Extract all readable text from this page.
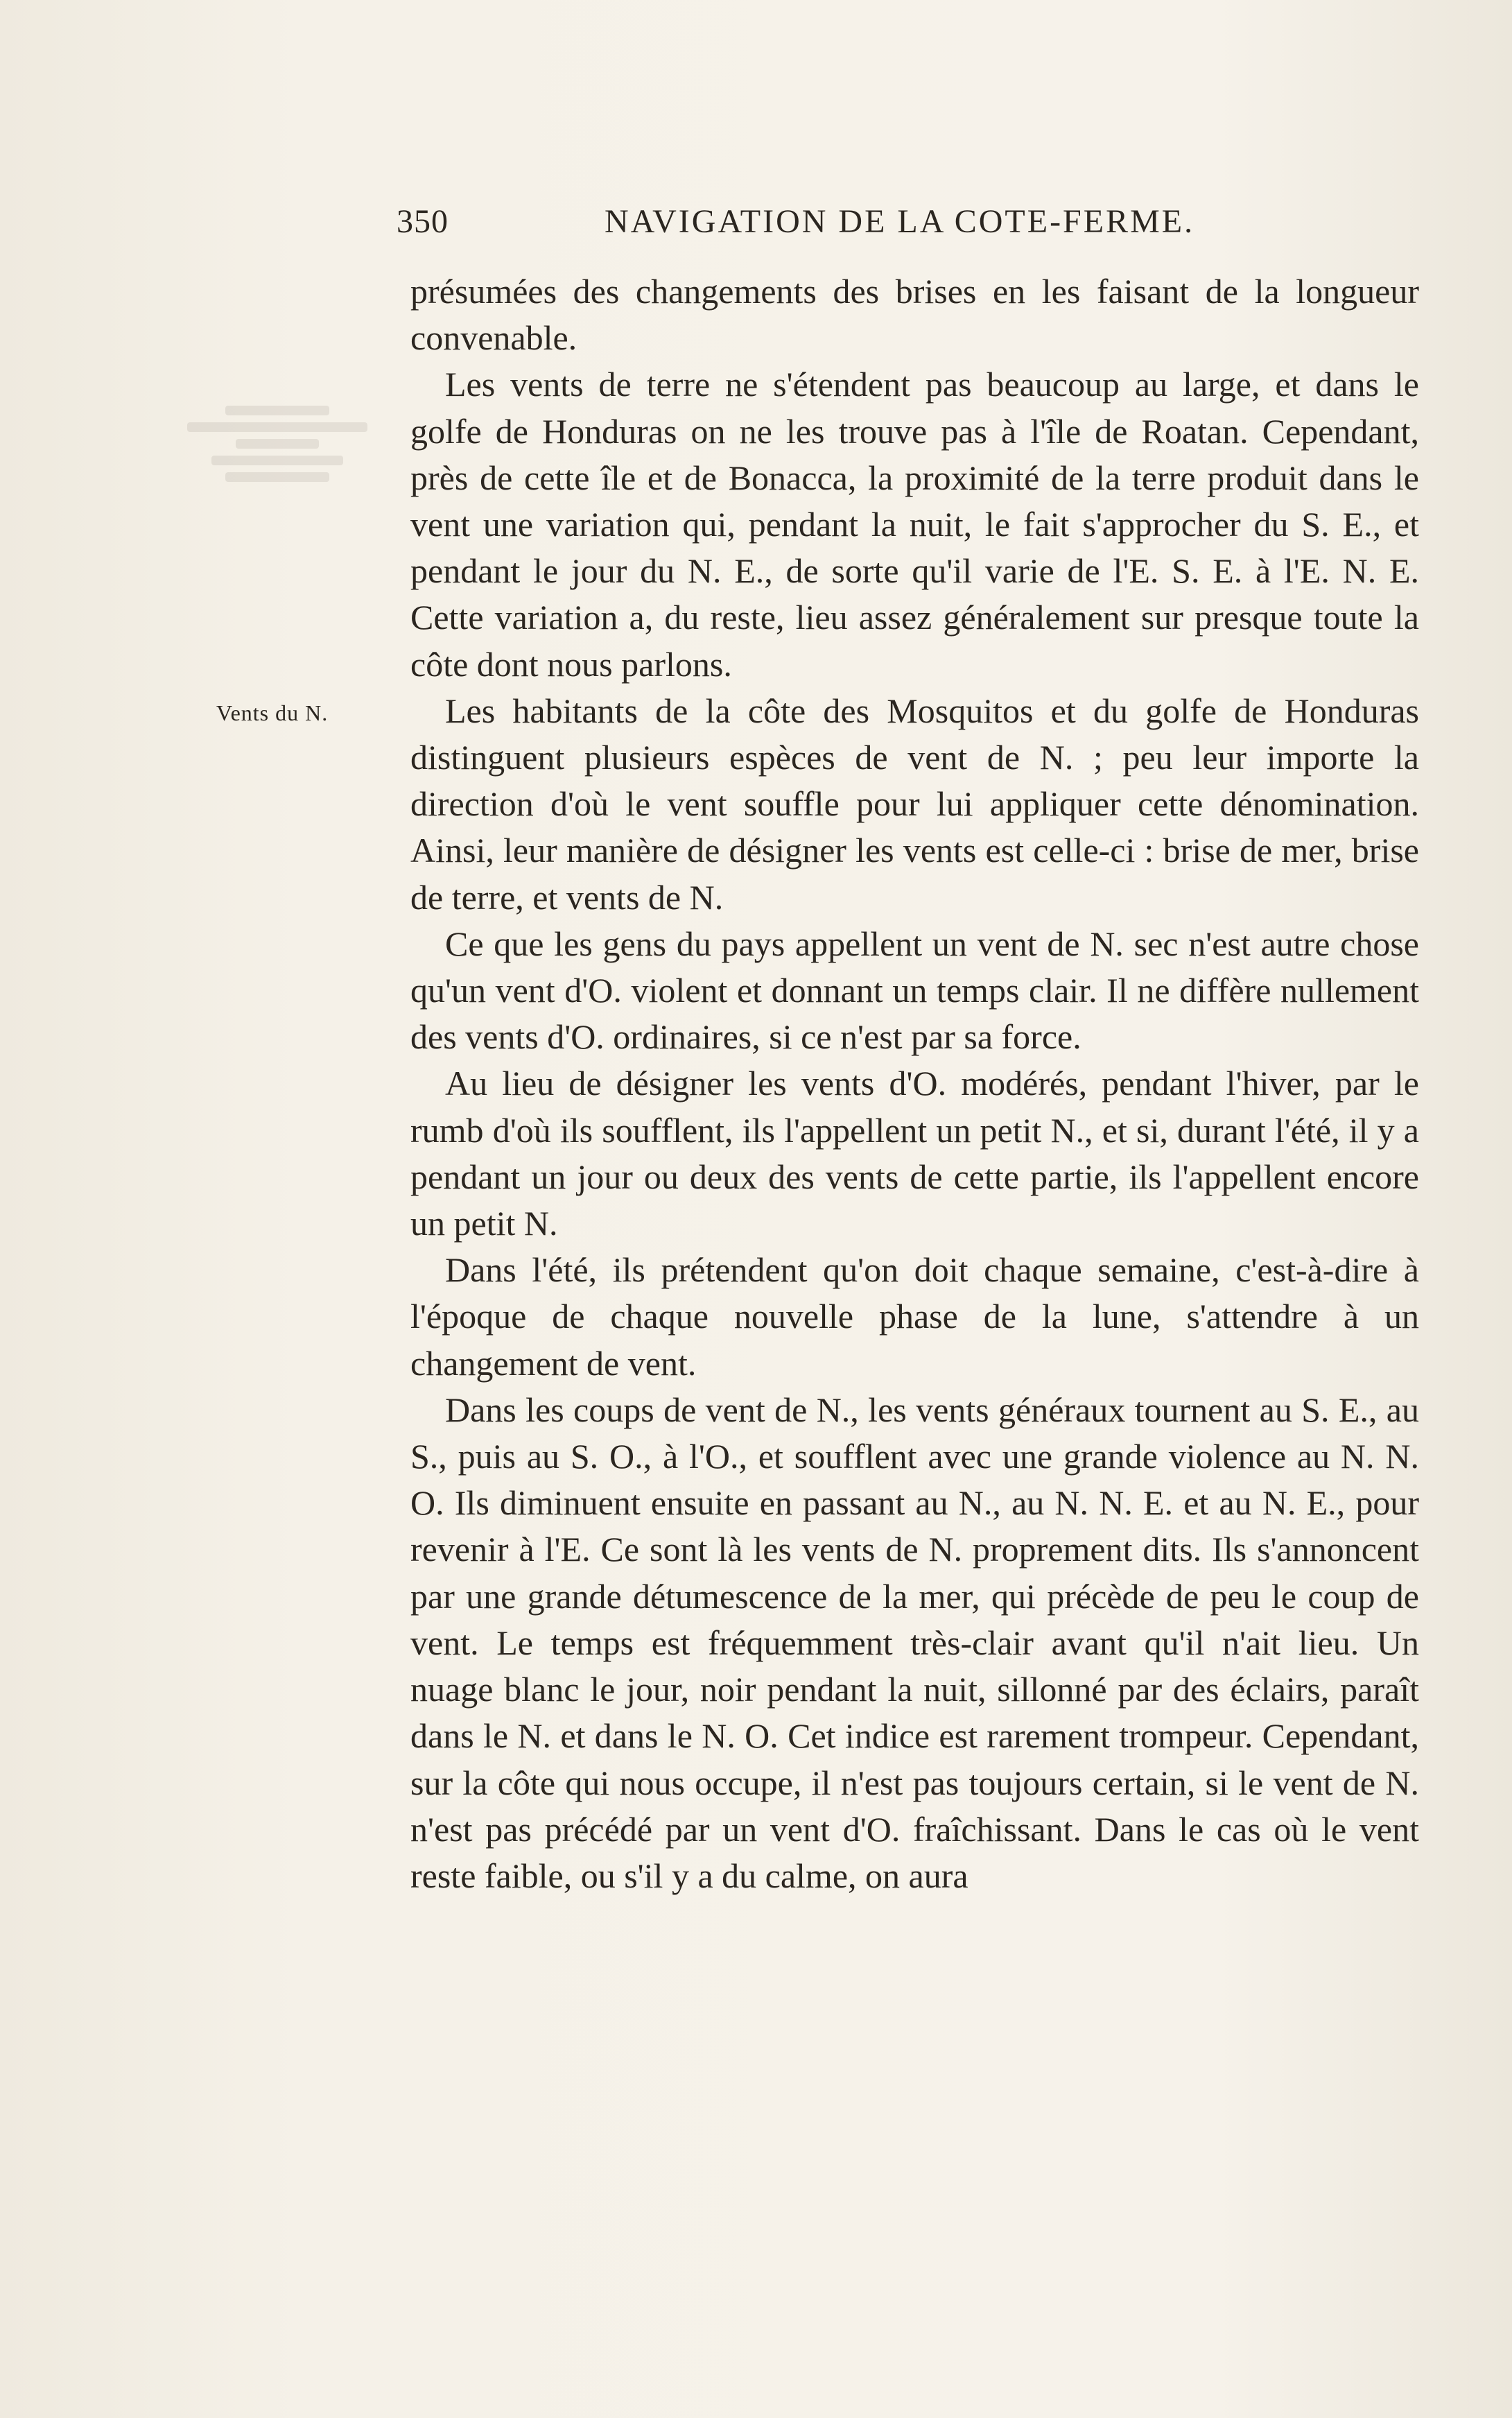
350	NAVIGATION DE LA COTE-FERME.
Vents du N.

présumées des changements des brises en les faisant de la longueur convenable.

Les vents de terre ne s'étendent pas beaucoup au large, et dans le golfe de Honduras on ne les trouve pas à l'île de Roatan. Cependant, près de cette île et de Bonacca, la proximité de la terre produit dans le vent une variation qui, pendant la nuit, le fait s'approcher du S. E., et pendant le jour du N. E., de sorte qu'il varie de l'E. S. E. à l'E. N. E. Cette variation a, du reste, lieu assez généralement sur presque toute la côte dont nous parlons.

Les habitants de la côte des Mosquitos et du golfe de Honduras distinguent plusieurs espèces de vent de N. ; peu leur importe la direction d'où le vent souffle pour lui appliquer cette dénomination. Ainsi, leur manière de désigner les vents est celle-ci : brise de mer, brise de terre, et vents de N.

Ce que les gens du pays appellent un vent de N. sec n'est autre chose qu'un vent d'O. violent et donnant un temps clair. Il ne diffère nullement des vents d'O. ordinaires, si ce n'est par sa force.

Au lieu de désigner les vents d'O. modérés, pendant l'hiver, par le rumb d'où ils soufflent, ils l'appellent un petit N., et si, durant l'été, il y a pendant un jour ou deux des vents de cette partie, ils l'appellent encore un petit N.

Dans l'été, ils prétendent qu'on doit chaque semaine, c'est-à-dire à l'époque de chaque nouvelle phase de la lune, s'attendre à un changement de vent.

Dans les coups de vent de N., les vents généraux tournent au S. E., au S., puis au S. O., à l'O., et soufflent avec une grande violence au N. N. O. Ils diminuent ensuite en passant au N., au N. N. E. et au N. E., pour revenir à l'E. Ce sont là les vents de N. proprement dits. Ils s'annoncent par une grande détumescence de la mer, qui précède de peu le coup de vent. Le temps est fréquemment très-clair avant qu'il n'ait lieu. Un nuage blanc le jour, noir pendant la nuit, sillonné par des éclairs, paraît dans le N. et dans le N. O. Cet indice est rarement trompeur. Cependant, sur la côte qui nous occupe, il n'est pas toujours certain, si le vent de N. n'est pas précédé par un vent d'O. fraîchissant. Dans le cas où le vent reste faible, ou s'il y a du calme, on aura
